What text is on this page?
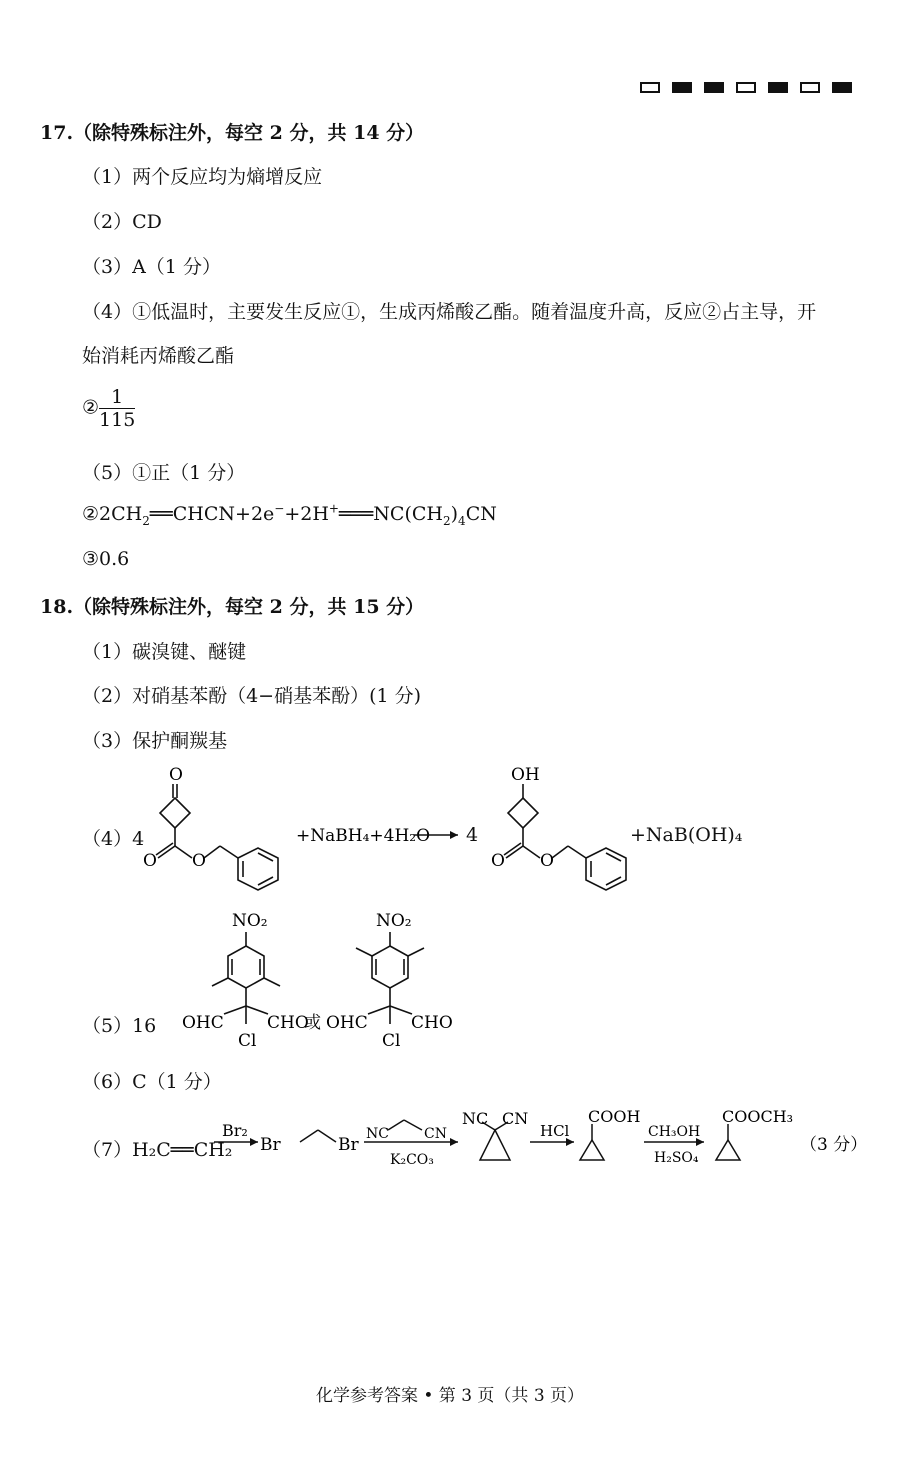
17.（除特殊标注外，每空 2 分，共 14 分）
（1）两个反应均为熵增反应
（2）CD
（3）A（1 分）
（4）①低温时，主要发生反应①，生成丙烯酸乙酯。随着温度升高，反应②占主导，开
始消耗丙烯酸乙酯
② $\frac{1}{115}$
（5）①正（1 分）
$②2CH_2══CHCN+2e^-+2H^+═══NC(CH_2)_4CN$
③0.6
18.（除特殊标注外，每空 2 分，共 15 分）
（1）碳溴键、醚键
（2）对硝基苯酚（4−硝基苯酚）(1 分)
（3）保护酮羰基
（4）4
O
O O
+NaBH₄+4H₂O 4
OH
O O
+NaB(OH)₄
（5）16
NO₂
OHC	CHO
Cl
或
NO₂
OHC	CHO
Cl
（6）C（1 分）
（7）H₂C══CH₂
Br₂
Br	Br
NC	CN
K₂CO₃
NC CN
HCl
COOH
CH₃OH
H₂SO₄
COOCH₃
（3 分）
化学参考答案 • 第 3 页（共 3 页）
